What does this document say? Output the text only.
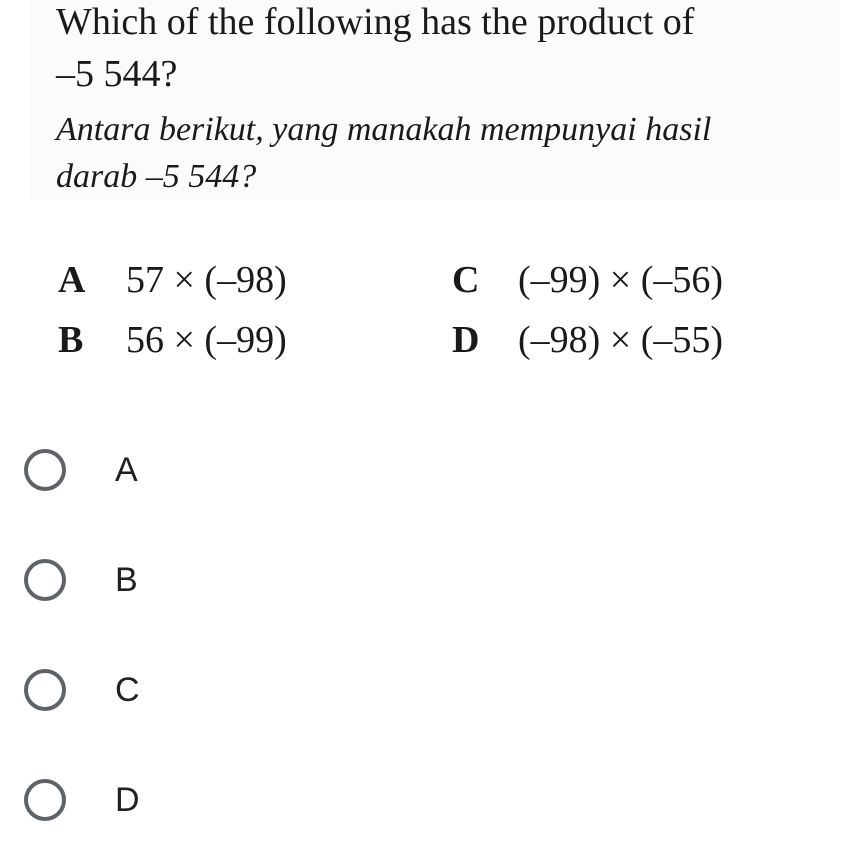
Which of the following has the product of
–5 544?
Antara berikut, yang manakah mempunyai hasil
darab –5 544?
A 57 × (–98)
B 56 × (–99)
C (–99) × (–56)
D (–98) × (–55)
A
B
C
D
